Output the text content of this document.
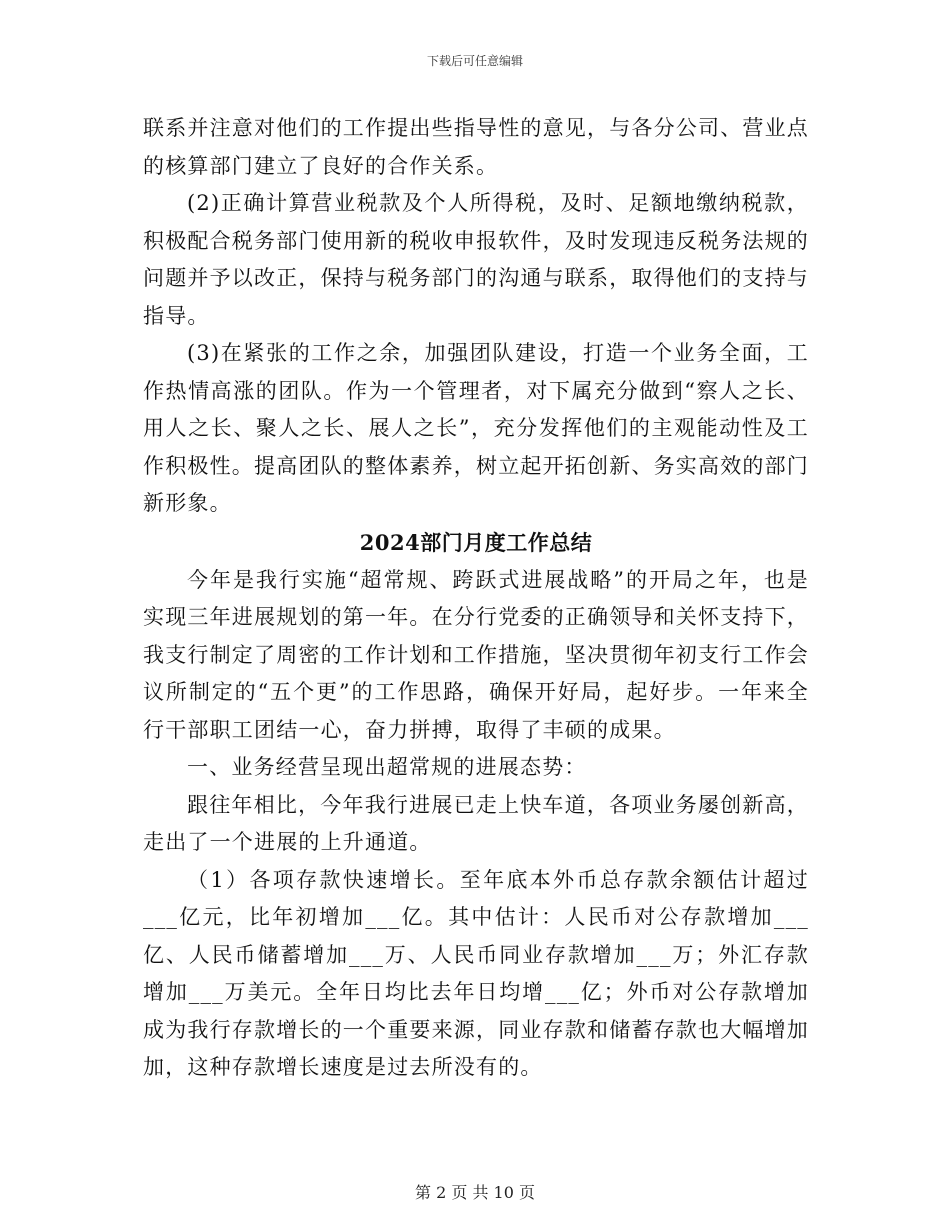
下载后可任意编辑

联系并注意对他们的工作提出些指导性的意见，与各分公司、营业点的核算部门建立了良好的合作关系。

(2)正确计算营业税款及个人所得税，及时、足额地缴纳税款，积极配合税务部门使用新的税收申报软件，及时发现违反税务法规的问题并予以改正，保持与税务部门的沟通与联系，取得他们的支持与指导。

(3)在紧张的工作之余，加强团队建设，打造一个业务全面，工作热情高涨的团队。作为一个管理者，对下属充分做到“察人之长、用人之长、聚人之长、展人之长”，充分发挥他们的主观能动性及工作积极性。提高团队的整体素养，树立起开拓创新、务实高效的部门新形象。

2024部门月度工作总结

今年是我行实施“超常规、跨跃式进展战略”的开局之年，也是实现三年进展规划的第一年。在分行党委的正确领导和关怀支持下，我支行制定了周密的工作计划和工作措施，坚决贯彻年初支行工作会议所制定的“五个更”的工作思路，确保开好局，起好步。一年来全行干部职工团结一心，奋力拼搏，取得了丰硕的成果。

一、业务经营呈现出超常规的进展态势：

跟往年相比，今年我行进展已走上快车道，各项业务屡创新高，走出了一个进展的上升通道。

（1）各项存款快速增长。至年底本外币总存款余额估计超过___亿元，比年初增加___亿。其中估计：人民币对公存款增加___亿、人民币储蓄增加___万、人民币同业存款增加___万；外汇存款增加___万美元。全年日均比去年日均增___亿；外币对公存款增加成为我行存款增长的一个重要来源，同业存款和储蓄存款也大幅增加加，这种存款增长速度是过去所没有的。

第 2 页 共 10 页
